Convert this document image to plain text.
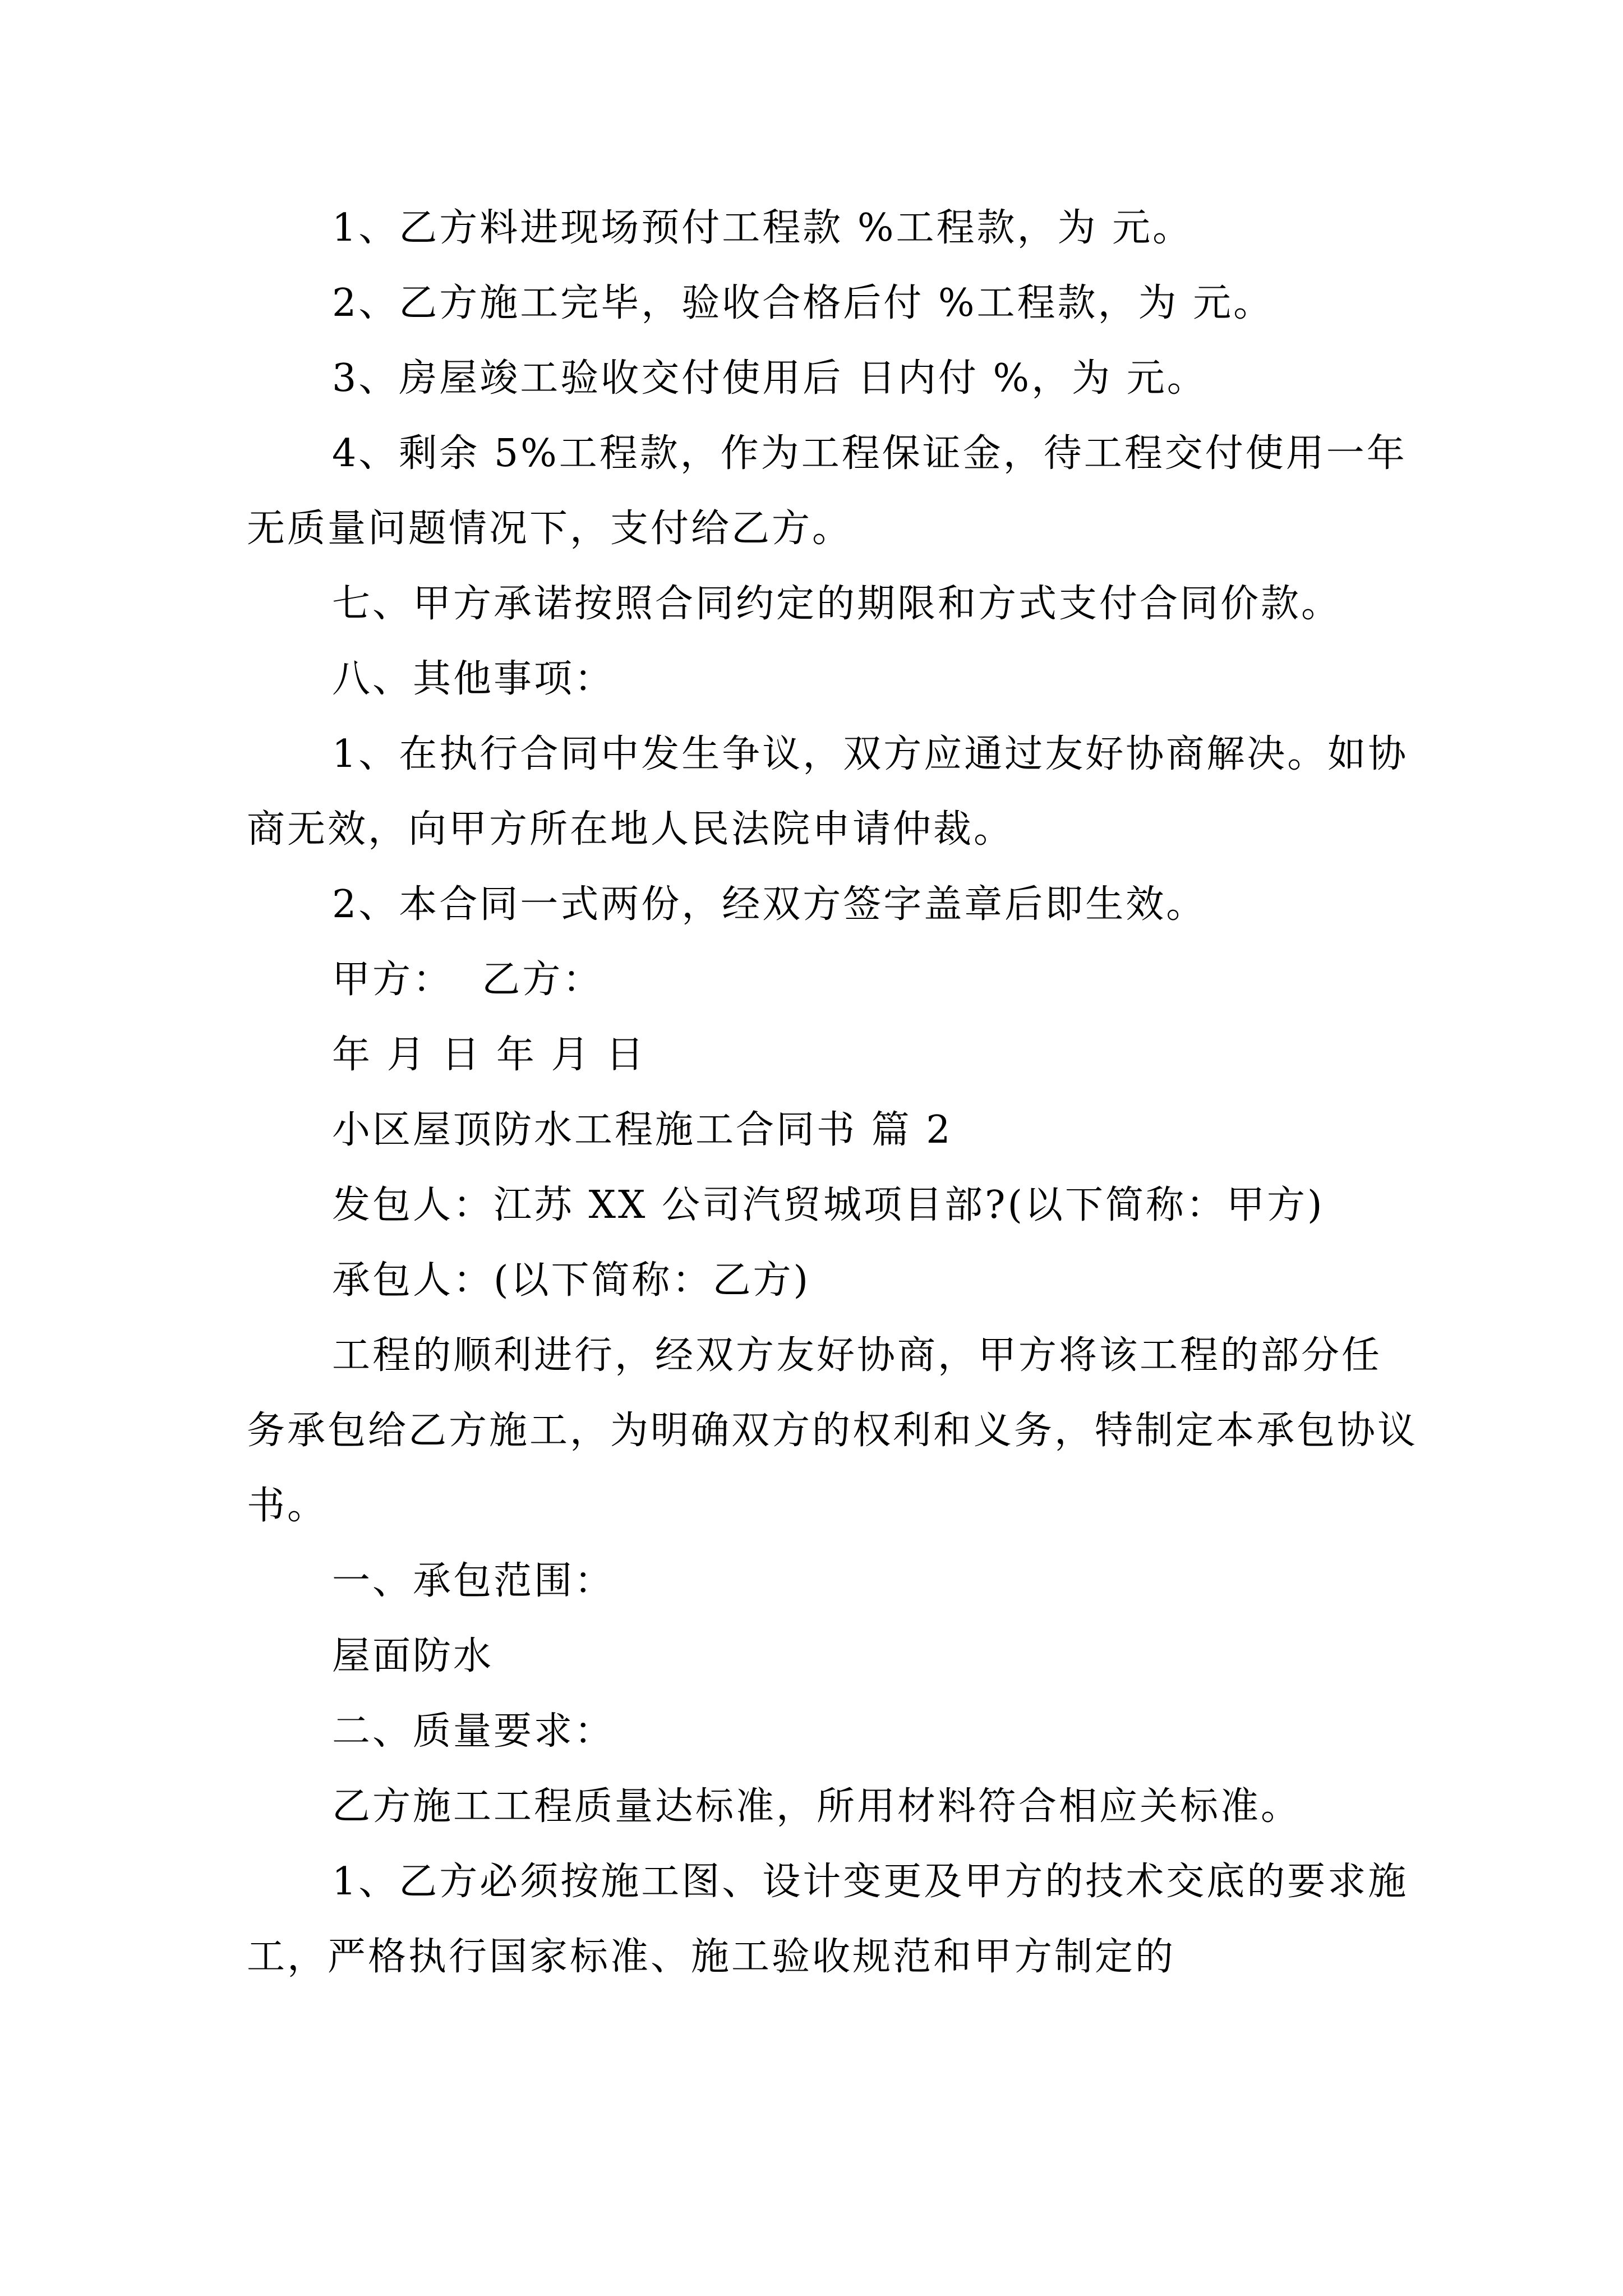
1、乙方料进现场预付工程款 %工程款，为 元。

2、乙方施工完毕，验收合格后付 %工程款，为 元。

3、房屋竣工验收交付使用后 日内付 %，为 元。

4、剩余 5%工程款，作为工程保证金，待工程交付使用一年无质量问题情况下，支付给乙方。

七、甲方承诺按照合同约定的期限和方式支付合同价款。

八、其他事项：

1、在执行合同中发生争议，双方应通过友好协商解决。如协商无效，向甲方所在地人民法院申请仲裁。

2、本合同一式两份，经双方签字盖章后即生效。

甲方：  乙方：

年 月 日 年 月 日

小区屋顶防水工程施工合同书 篇 2

发包人：江苏 XX 公司汽贸城项目部?(以下简称：甲方)

承包人：(以下简称：乙方)

工程的顺利进行，经双方友好协商，甲方将该工程的部分任务承包给乙方施工，为明确双方的权利和义务，特制定本承包协议书。

一、承包范围：

屋面防水

二、质量要求：

乙方施工工程质量达标准，所用材料符合相应关标准。

1、乙方必须按施工图、设计变更及甲方的技术交底的要求施工，严格执行国家标准、施工验收规范和甲方制定的
